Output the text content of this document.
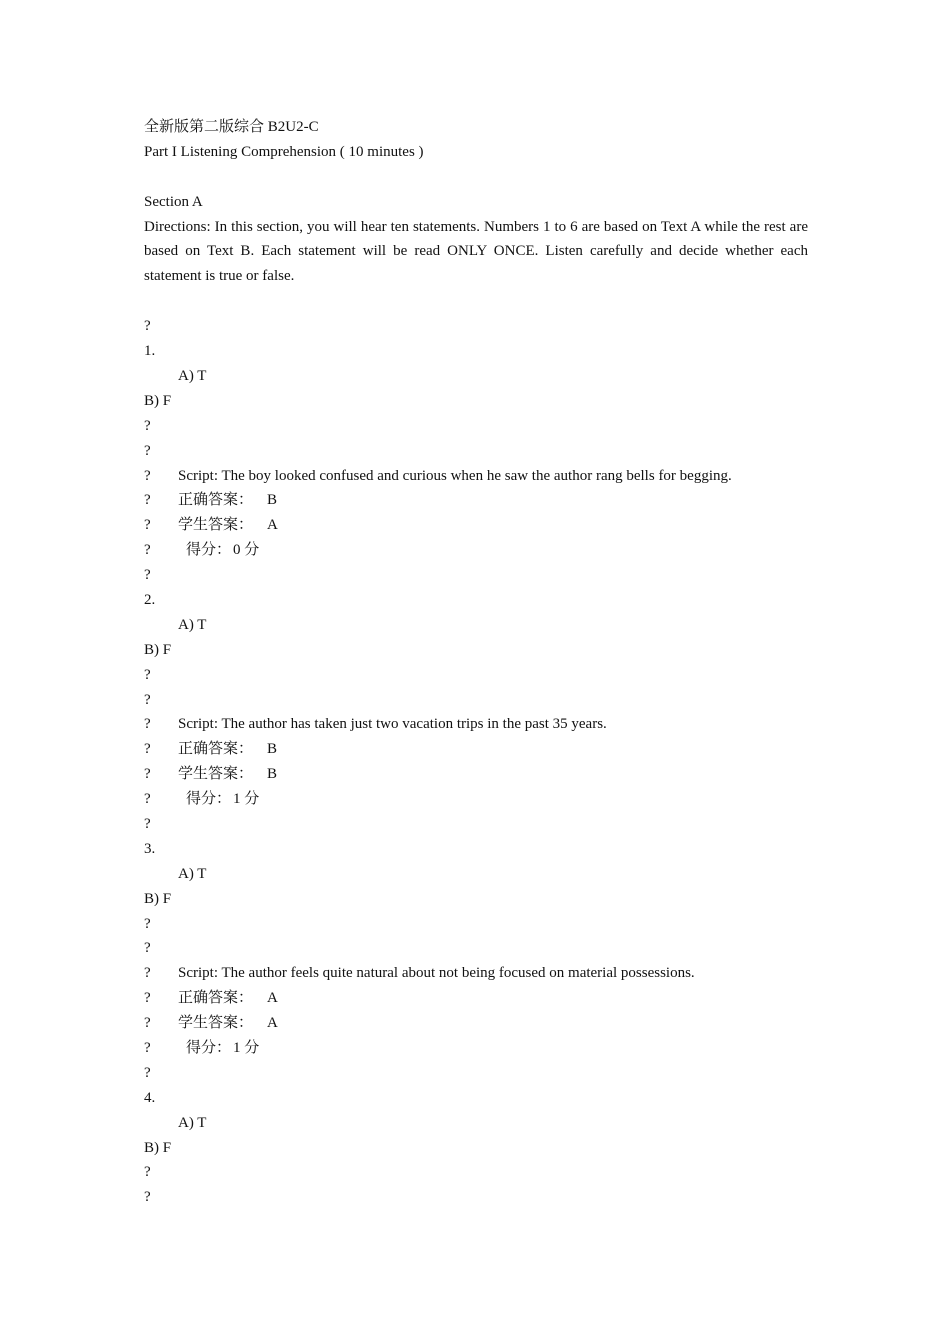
全新版第二版综合 B2U2-C
Part I Listening Comprehension ( 10 minutes )
Section A
Directions: In this section, you will hear ten statements. Numbers 1 to 6 are based on Text A while the rest are based on Text B. Each statement will be read ONLY ONCE. Listen carefully and decide whether each statement is true or false.
?
1.
A) T
B) F
?
?
?	Script: The boy looked confused and curious when he saw the author rang bells for begging.
?	正确答案： B
?	学生答案： A
?	得分： 0 分
?
2.
A) T
B) F
?
?
?	Script: The author has taken just two vacation trips in the past 35 years.
?	正确答案： B
?	学生答案： B
?	得分： 1 分
?
3.
A) T
B) F
?
?
?	Script: The author feels quite natural about not being focused on material possessions.
?	正确答案： A
?	学生答案： A
?	得分： 1 分
?
4.
A) T
B) F
?
?
